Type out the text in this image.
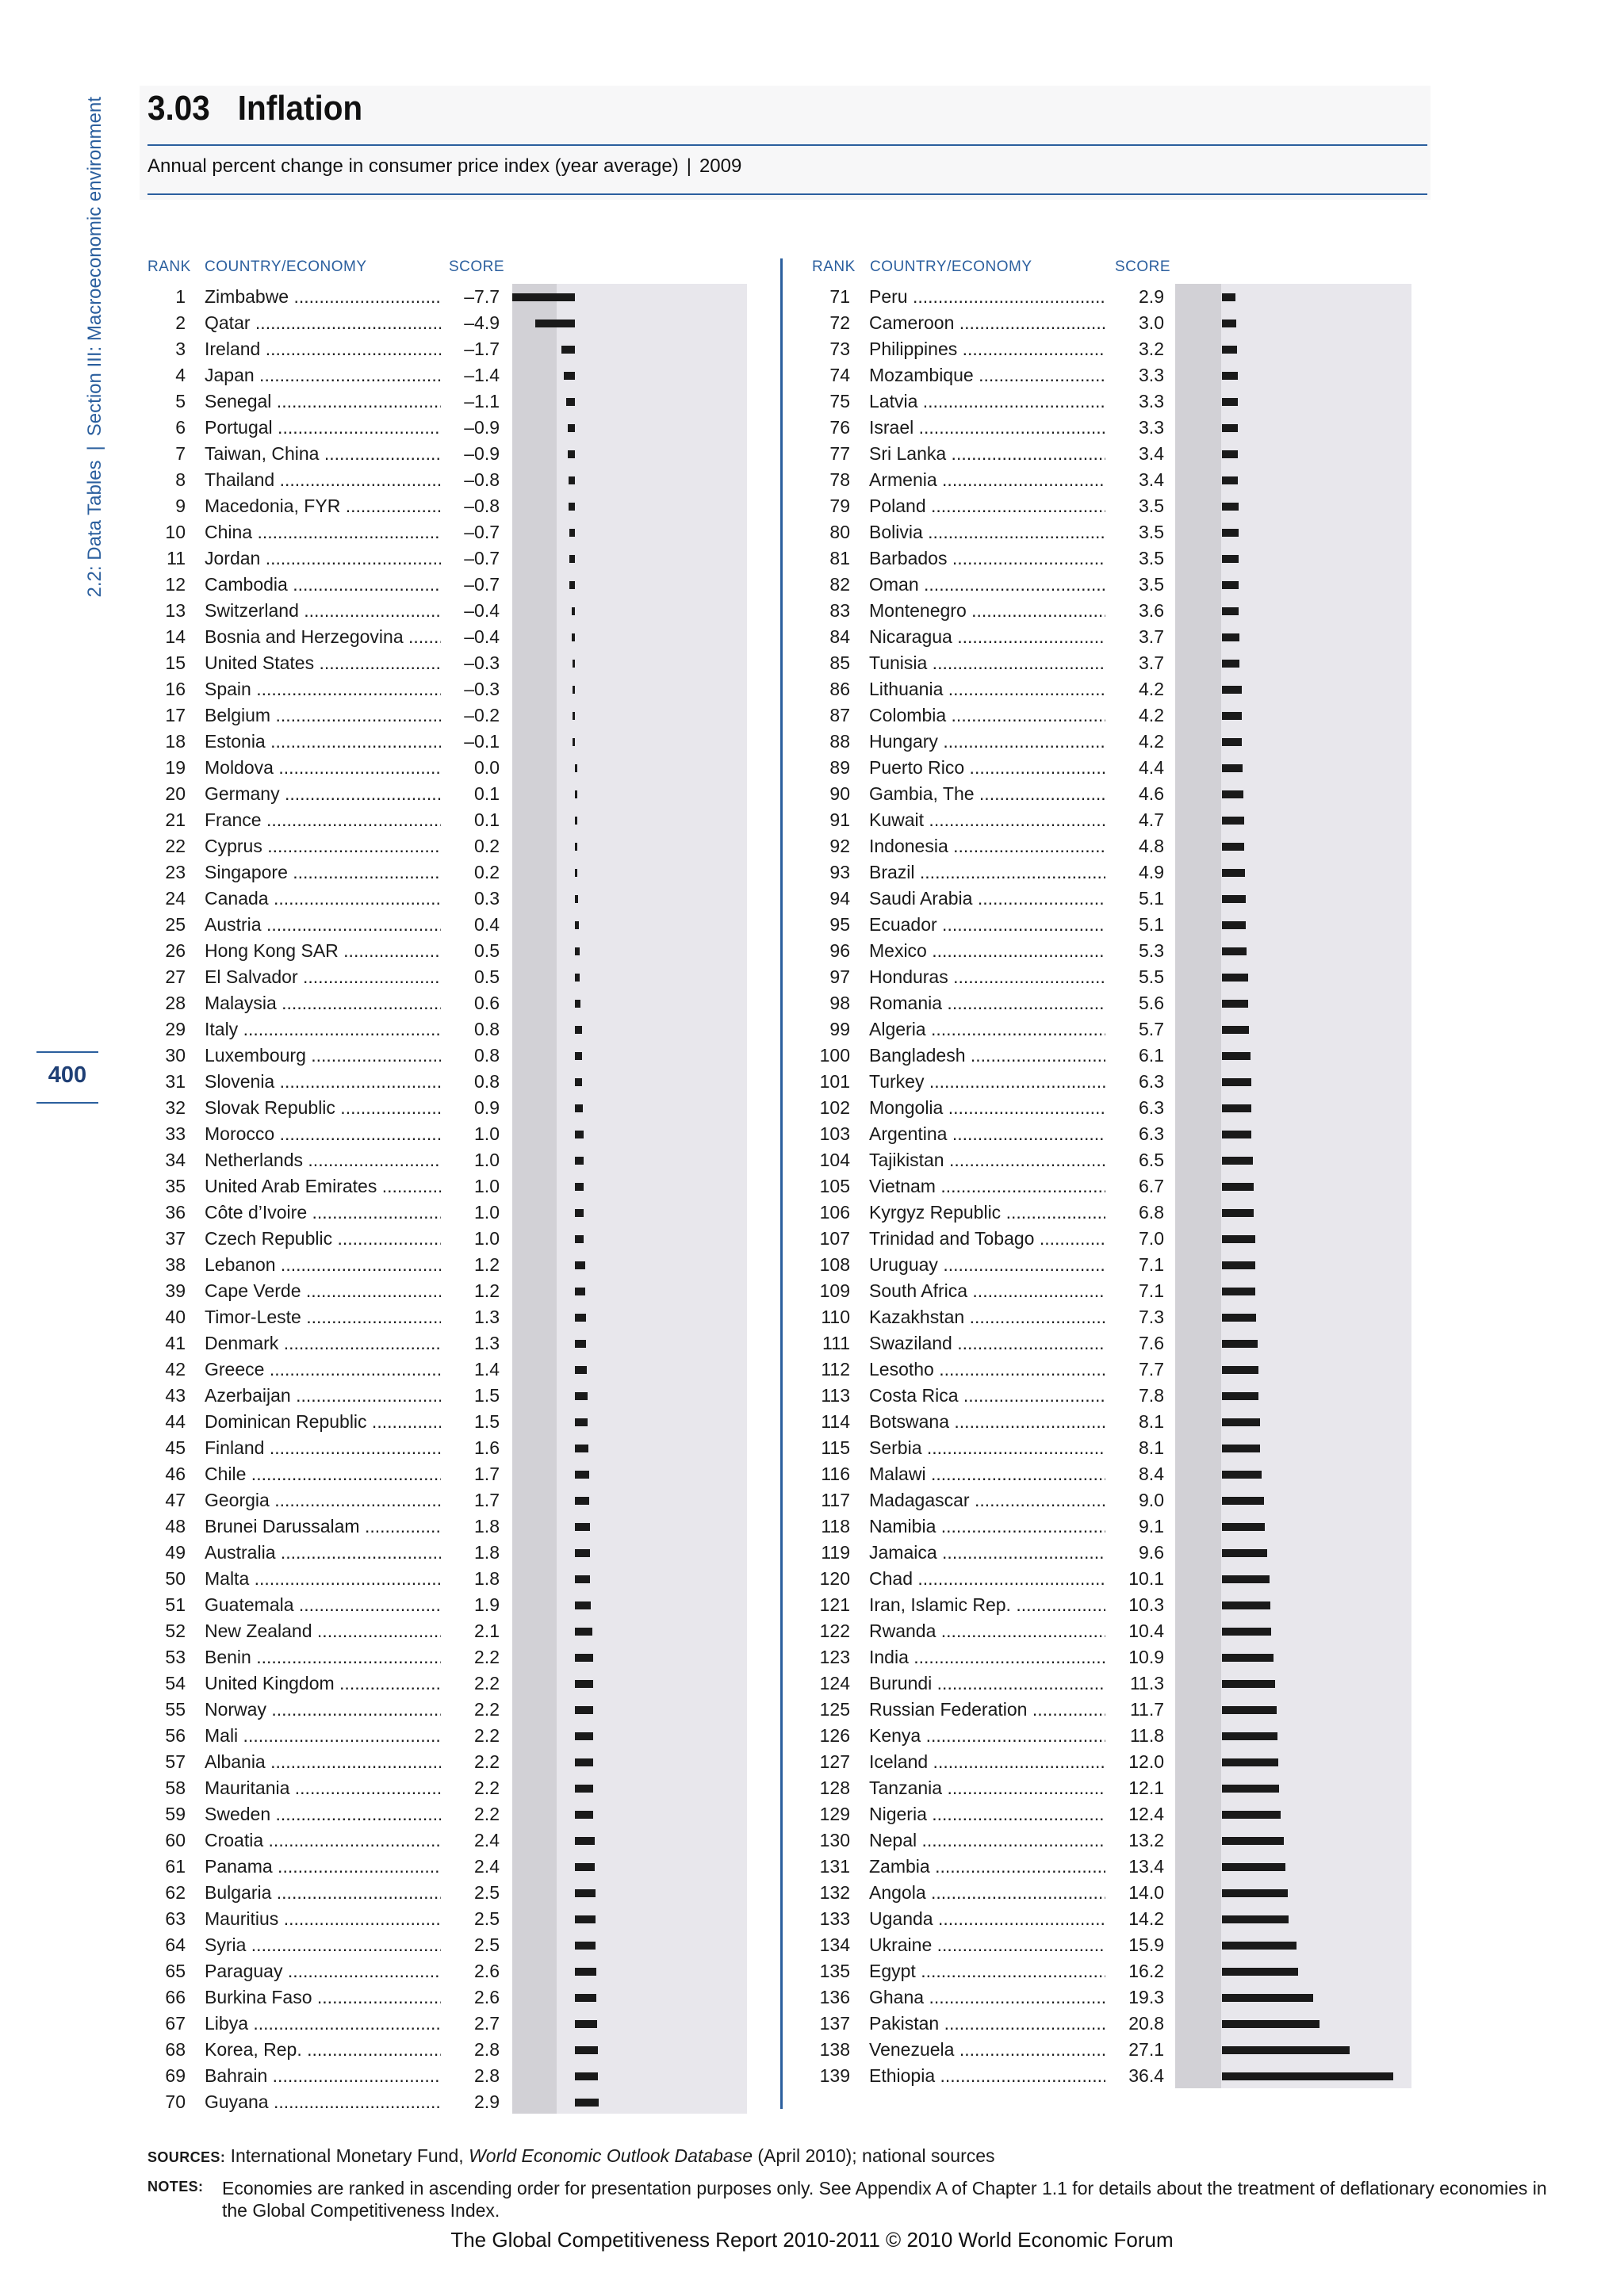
2.2: Data Tables|Section III: Macroeconomic environment
400
3.03 Inflation
Annual percent change in consumer price index (year average) | 2009
RANK COUNTRY/ECONOMY	SCORE	RANK COUNTRY/ECONOMY	SCORE
1 Zimbabwe .....	–7.7
2 Qatar .....	–4.9
3 Ireland .....	–1.7
4 Japan .....	–1.4
5 Senegal .....	–1.1
6 Portugal .....	–0.9
7 Taiwan, China .....	–0.9
8 Thailand .....	–0.8
9 Macedonia, FYR .....	–0.8
10 China .....	–0.7
11 Jordan .....	–0.7
12 Cambodia .....	–0.7
13 Switzerland .....	–0.4
14 Bosnia and Herzegovina .....	–0.4
15 United States .....	–0.3
16 Spain .....	–0.3
17 Belgium .....	–0.2
18 Estonia .....	–0.1
19 Moldova .....	0.0
20 Germany .....	0.1
21 France .....	0.1
22 Cyprus .....	0.2
23 Singapore .....	0.2
24 Canada .....	0.3
25 Austria .....	0.4
26 Hong Kong SAR .....	0.5
27 El Salvador .....	0.5
28 Malaysia .....	0.6
29 Italy .....	0.8
30 Luxembourg .....	0.8
31 Slovenia .....	0.8
32 Slovak Republic .....	0.9
33 Morocco .....	1.0
34 Netherlands .....	1.0
35 United Arab Emirates .....	1.0
36 Côte d’Ivoire .....	1.0
37 Czech Republic .....	1.0
38 Lebanon .....	1.2
39 Cape Verde .....	1.2
40 Timor-Leste .....	1.3
41 Denmark .....	1.3
42 Greece .....	1.4
43 Azerbaijan .....	1.5
44 Dominican Republic .....	1.5
45 Finland .....	1.6
46 Chile .....	1.7
47 Georgia .....	1.7
48 Brunei Darussalam .....	1.8
49 Australia .....	1.8
50 Malta .....	1.8
51 Guatemala .....	1.9
52 New Zealand .....	2.1
53 Benin .....	2.2
54 United Kingdom .....	2.2
55 Norway .....	2.2
56 Mali .....	2.2
57 Albania .....	2.2
58 Mauritania .....	2.2
59 Sweden .....	2.2
60 Croatia .....	2.4
61 Panama .....	2.4
62 Bulgaria .....	2.5
63 Mauritius .....	2.5
64 Syria .....	2.5
65 Paraguay .....	2.6
66 Burkina Faso .....	2.6
67 Libya .....	2.7
68 Korea, Rep. .....	2.8
69 Bahrain .....	2.8
70 Guyana .....	2.9
71 Peru .....	2.9
72 Cameroon .....	3.0
73 Philippines .....	3.2
74 Mozambique .....	3.3
75 Latvia .....	3.3
76 Israel .....	3.3
77 Sri Lanka .....	3.4
78 Armenia .....	3.4
79 Poland .....	3.5
80 Bolivia .....	3.5
81 Barbados .....	3.5
82 Oman .....	3.5
83 Montenegro .....	3.6
84 Nicaragua .....	3.7
85 Tunisia .....	3.7
86 Lithuania .....	4.2
87 Colombia .....	4.2
88 Hungary .....	4.2
89 Puerto Rico .....	4.4
90 Gambia, The .....	4.6
91 Kuwait .....	4.7
92 Indonesia .....	4.8
93 Brazil .....	4.9
94 Saudi Arabia .....	5.1
95 Ecuador .....	5.1
96 Mexico .....	5.3
97 Honduras .....	5.5
98 Romania .....	5.6
99 Algeria .....	5.7
100 Bangladesh .....	6.1
101 Turkey .....	6.3
102 Mongolia .....	6.3
103 Argentina .....	6.3
104 Tajikistan .....	6.5
105 Vietnam .....	6.7
106 Kyrgyz Republic .....	6.8
107 Trinidad and Tobago .....	7.0
108 Uruguay .....	7.1
109 South Africa .....	7.1
110 Kazakhstan .....	7.3
111 Swaziland .....	7.6
112 Lesotho .....	7.7
113 Costa Rica .....	7.8
114 Botswana .....	8.1
115 Serbia .....	8.1
116 Malawi .....	8.4
117 Madagascar .....	9.0
118 Namibia .....	9.1
119 Jamaica .....	9.6
120 Chad .....	10.1
121 Iran, Islamic Rep. .....	10.3
122 Rwanda .....	10.4
123 India .....	10.9
124 Burundi .....	11.3
125 Russian Federation .....	11.7
126 Kenya .....	11.8
127 Iceland .....	12.0
128 Tanzania .....	12.1
129 Nigeria .....	12.4
130 Nepal .....	13.2
131 Zambia .....	13.4
132 Angola .....	14.0
133 Uganda .....	14.2
134 Ukraine .....	15.9
135 Egypt .....	16.2
136 Ghana .....	19.3
137 Pakistan .....	20.8
138 Venezuela .....	27.1
139 Ethiopia .....	36.4
SOURCES: International Monetary Fund, World Economic Outlook Database (April 2010); national sources
NOTES: Economies are ranked in ascending order for presentation purposes only. See Appendix A of Chapter 1.1 for details about the treatment of deflationary economies in the Global Competitiveness Index.
The Global Competitiveness Report 2010-2011 © 2010 World Economic Forum
